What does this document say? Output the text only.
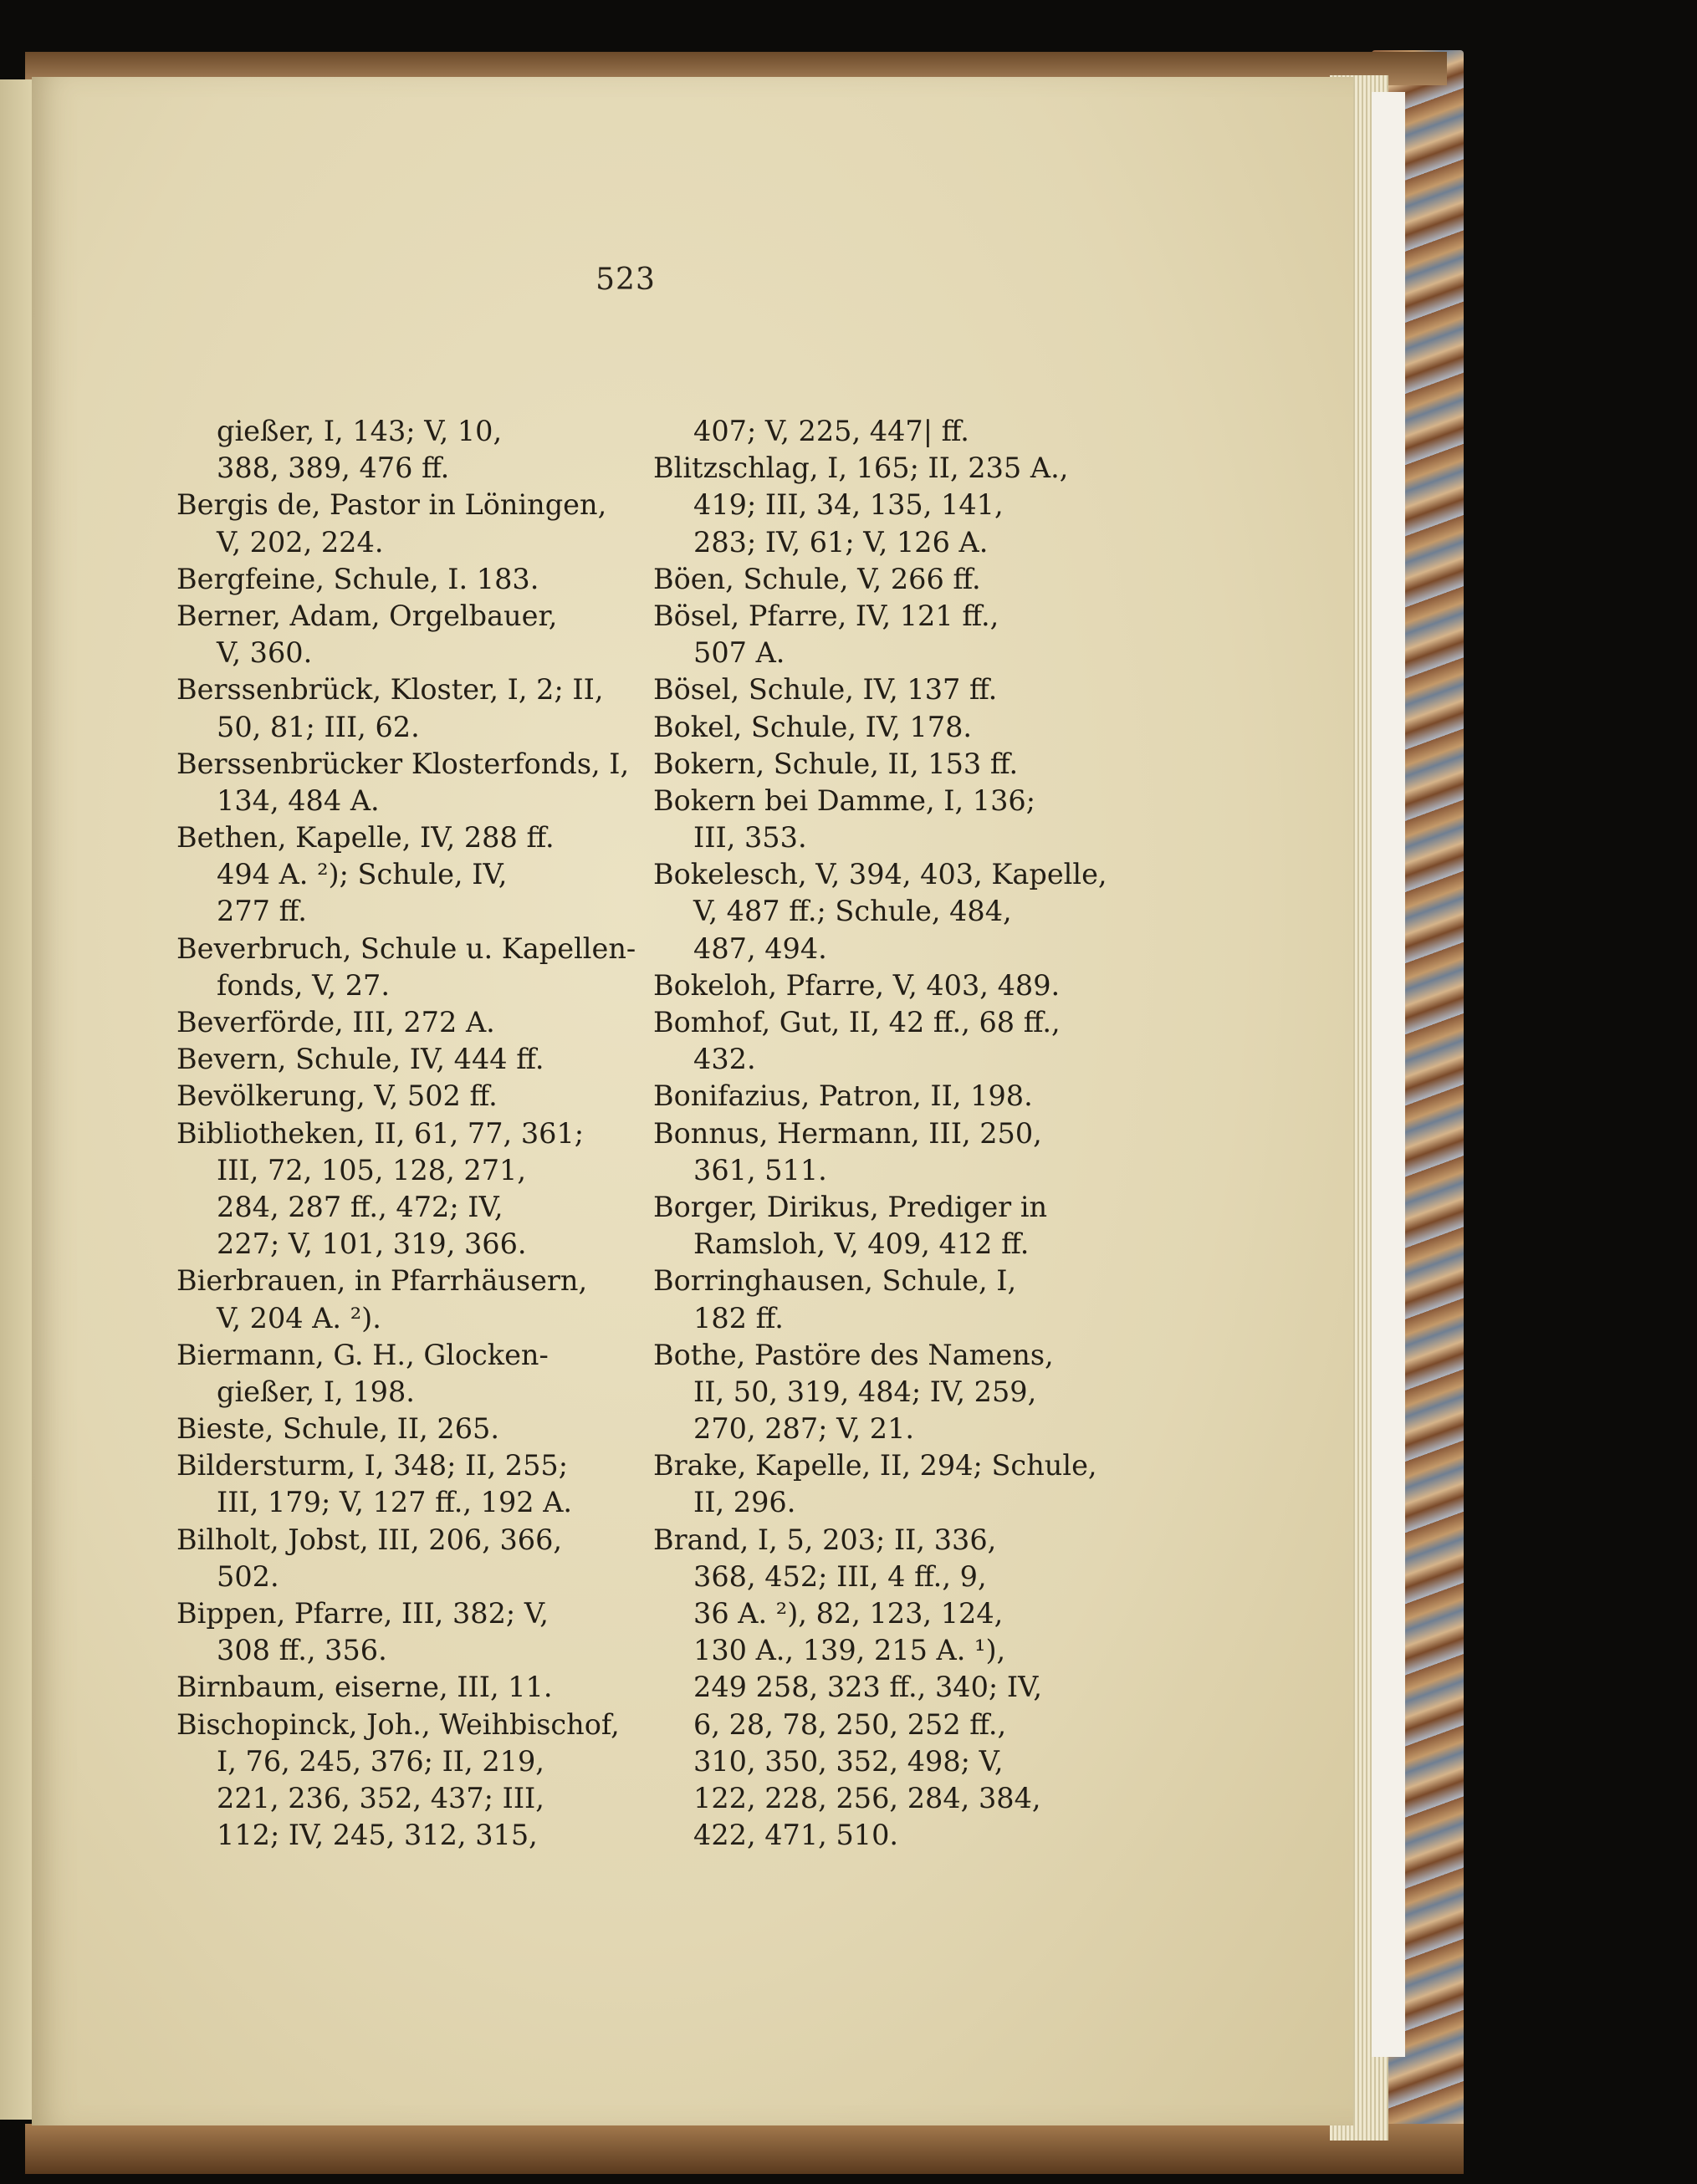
523
gießer, I, 143; V, 10,
388, 389, 476 ff.
Bergis de, Pastor in Löningen,
V, 202, 224.
Bergfeine, Schule, I. 183.
Berner, Adam, Orgelbauer,
V, 360.
Berssenbrück, Kloster, I, 2; II,
50, 81; III, 62.
Berssenbrücker Klosterfonds, I,
134, 484 A.
Bethen, Kapelle, IV, 288 ff.
494 A. ²); Schule, IV,
277 ff.
Beverbruch, Schule u. Kapellen-
fonds, V, 27.
Beverförde, III, 272 A.
Bevern, Schule, IV, 444 ff.
Bevölkerung, V, 502 ff.
Bibliotheken, II, 61, 77, 361;
III, 72, 105, 128, 271,
284, 287 ff., 472; IV,
227; V, 101, 319, 366.
Bierbrauen, in Pfarrhäusern,
V, 204 A. ²).
Biermann, G. H., Glocken-
gießer, I, 198.
Bieste, Schule, II, 265.
Bildersturm, I, 348; II, 255;
III, 179; V, 127 ff., 192 A.
Bilholt, Jobst, III, 206, 366,
502.
Bippen, Pfarre, III, 382; V,
308 ff., 356.
Birnbaum, eiserne, III, 11.
Bischopinck, Joh., Weihbischof,
I, 76, 245, 376; II, 219,
221, 236, 352, 437; III,
112; IV, 245, 312, 315,
407; V, 225, 447| ff.
Blitzschlag, I, 165; II, 235 A.,
419; III, 34, 135, 141,
283; IV, 61; V, 126 A.
Böen, Schule, V, 266 ff.
Bösel, Pfarre, IV, 121 ff.,
507 A.
Bösel, Schule, IV, 137 ff.
Bokel, Schule, IV, 178.
Bokern, Schule, II, 153 ff.
Bokern bei Damme, I, 136;
III, 353.
Bokelesch, V, 394, 403, Kapelle,
V, 487 ff.; Schule, 484,
487, 494.
Bokeloh, Pfarre, V, 403, 489.
Bomhof, Gut, II, 42 ff., 68 ff.,
432.
Bonifazius, Patron, II, 198.
Bonnus, Hermann, III, 250,
361, 511.
Borger, Dirikus, Prediger in
Ramsloh, V, 409, 412 ff.
Borringhausen, Schule, I,
182 ff.
Bothe, Pastöre des Namens,
II, 50, 319, 484; IV, 259,
270, 287; V, 21.
Brake, Kapelle, II, 294; Schule,
II, 296.
Brand, I, 5, 203; II, 336,
368, 452; III, 4 ff., 9,
36 A. ²), 82, 123, 124,
130 A., 139, 215 A. ¹),
249 258, 323 ff., 340; IV,
6, 28, 78, 250, 252 ff.,
310, 350, 352, 498; V,
122, 228, 256, 284, 384,
422, 471, 510.
